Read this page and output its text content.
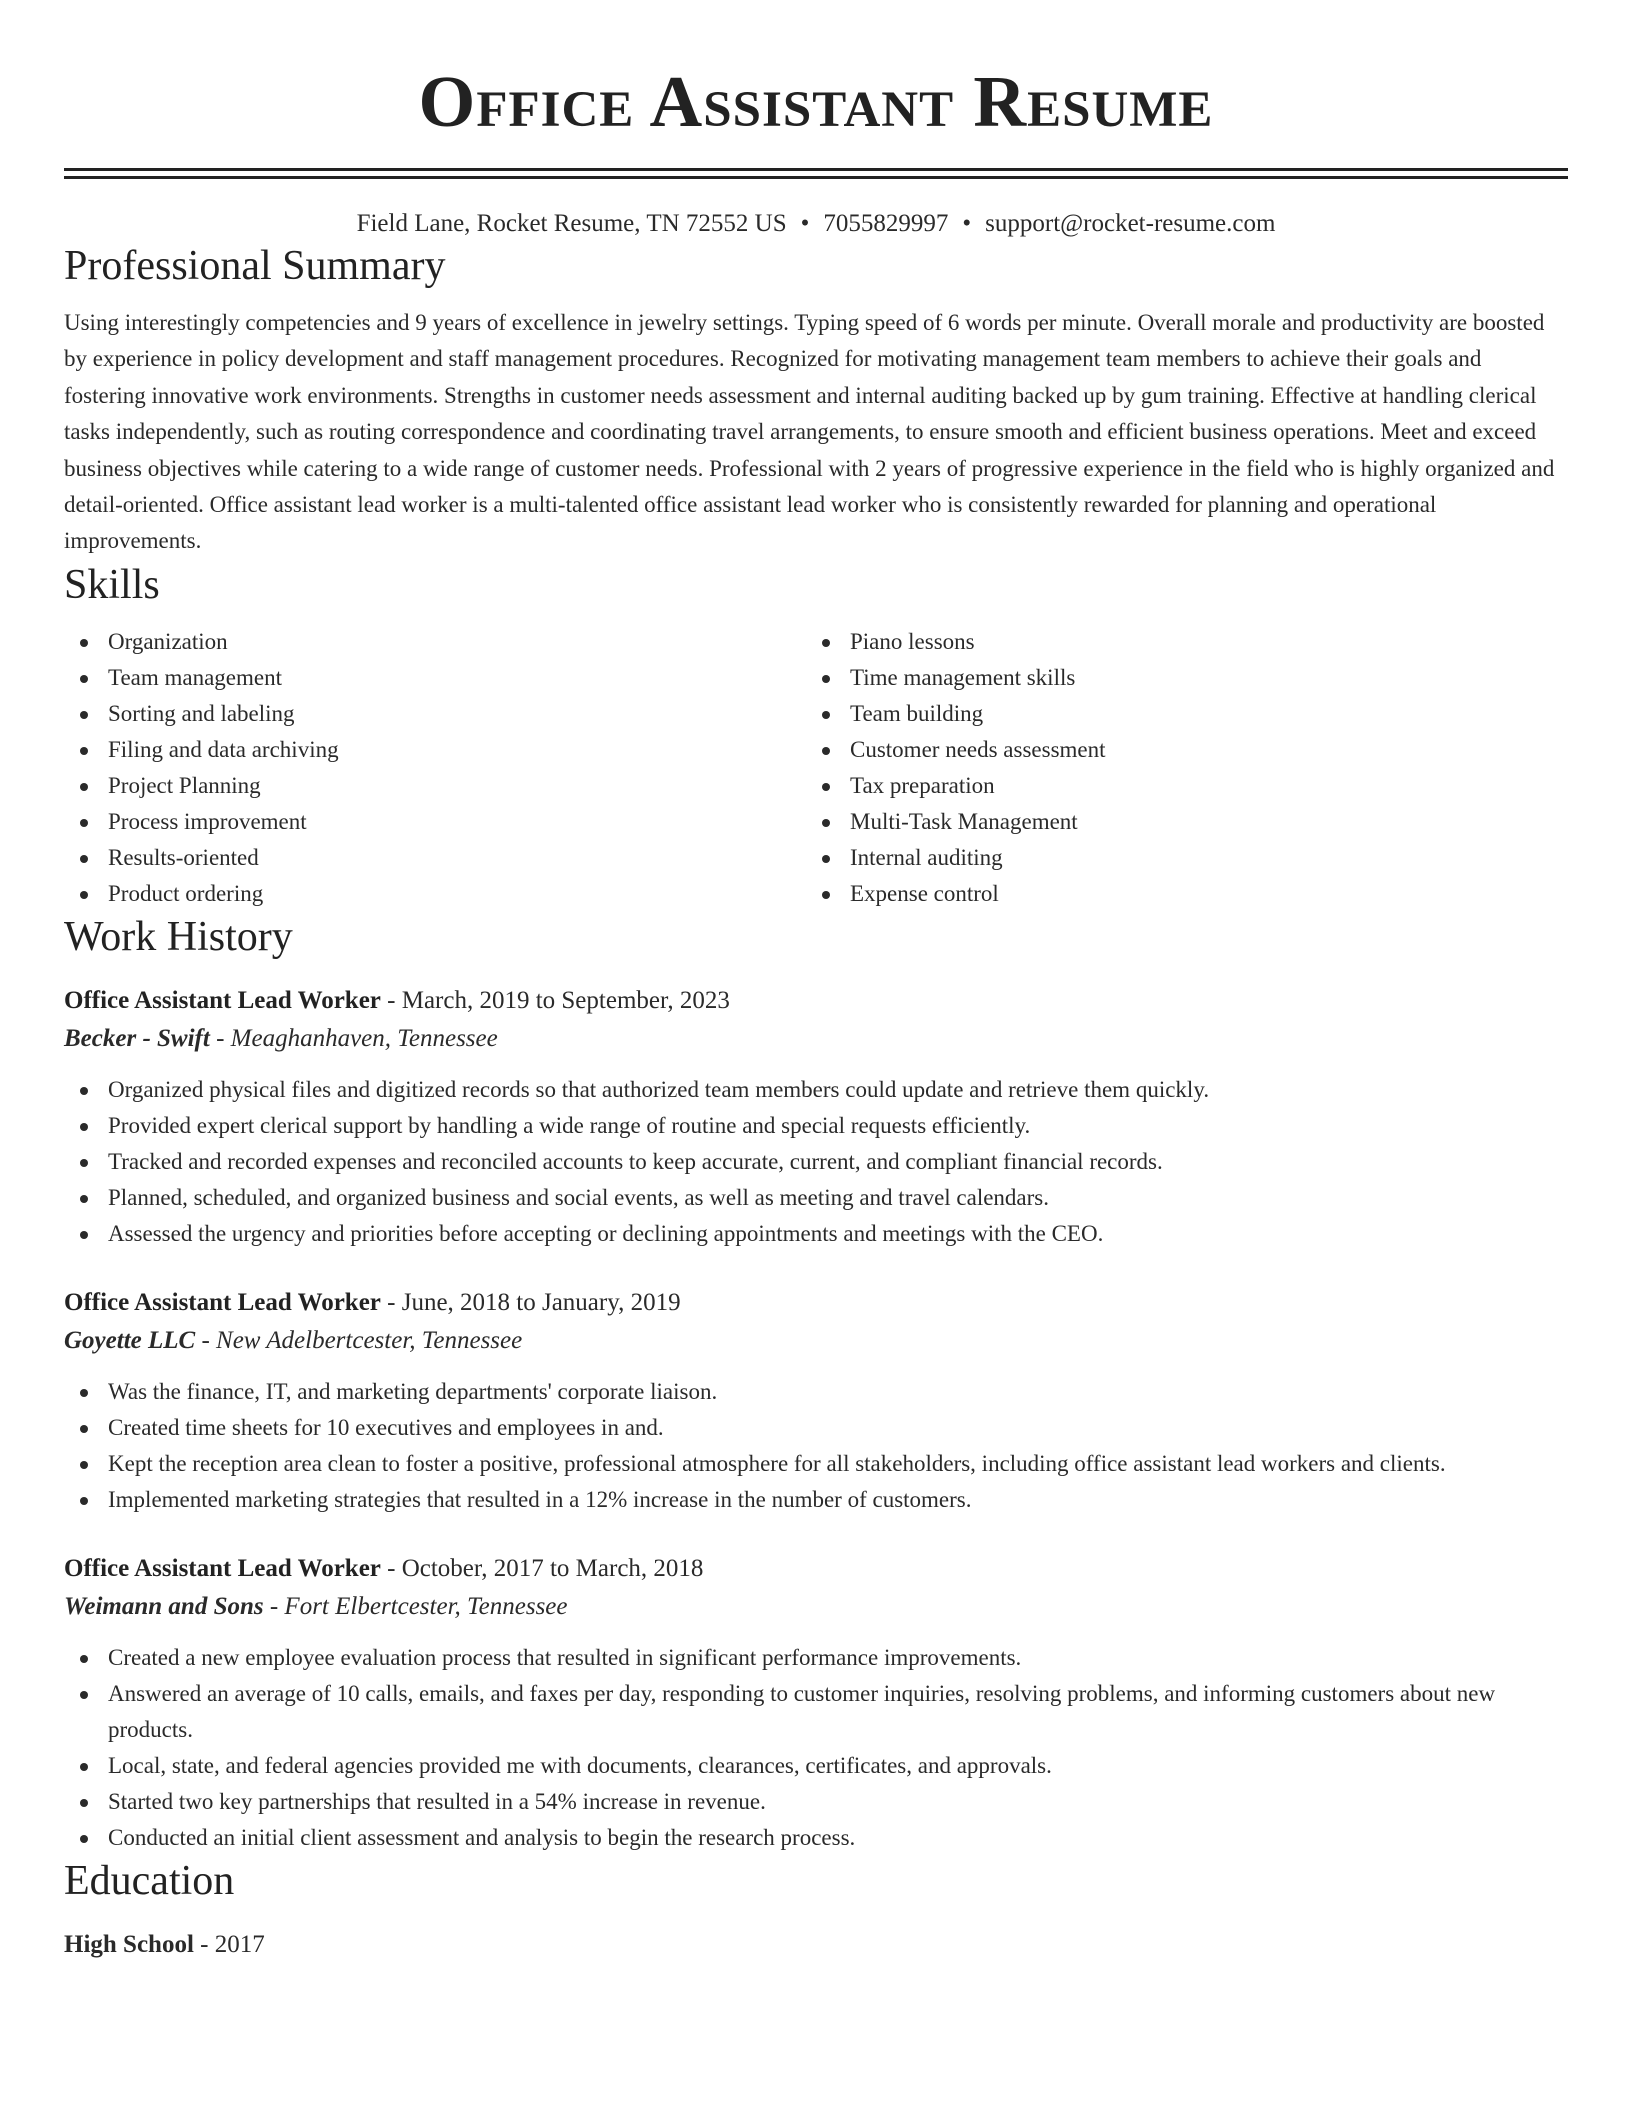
Office Assistant Resume
Field Lane, Rocket Resume, TN 72552 US • 7055829997 • support@rocket-resume.com
Professional Summary

Using interestingly competencies and 9 years of excellence in jewelry settings. Typing speed of 6 words per minute. Overall morale and productivity are boosted by experience in policy development and staff management procedures. Recognized for motivating management team members to achieve their goals and fostering innovative work environments. Strengths in customer needs assessment and internal auditing backed up by gum training. Effective at handling clerical tasks independently, such as routing correspondence and coordinating travel arrangements, to ensure smooth and efficient business operations. Meet and exceed business objectives while catering to a wide range of customer needs. Professional with 2 years of progressive experience in the field who is highly organized and detail-oriented. Office assistant lead worker is a multi-talented office assistant lead worker who is consistently rewarded for planning and operational improvements.

Skills
Organization
Team management
Sorting and labeling
Filing and data archiving
Project Planning
Process improvement
Results-oriented
Product ordering
Piano lessons
Time management skills
Team building
Customer needs assessment
Tax preparation
Multi-Task Management
Internal auditing
Expense control
Work History
Office Assistant Lead Worker - March, 2019 to September, 2023
Becker - Swift - Meaghanhaven, Tennessee
Organized physical files and digitized records so that authorized team members could update and retrieve them quickly.
Provided expert clerical support by handling a wide range of routine and special requests efficiently.
Tracked and recorded expenses and reconciled accounts to keep accurate, current, and compliant financial records.
Planned, scheduled, and organized business and social events, as well as meeting and travel calendars.
Assessed the urgency and priorities before accepting or declining appointments and meetings with the CEO.
Office Assistant Lead Worker - June, 2018 to January, 2019
Goyette LLC - New Adelbertcester, Tennessee
Was the finance, IT, and marketing departments' corporate liaison.
Created time sheets for 10 executives and employees in and.
Kept the reception area clean to foster a positive, professional atmosphere for all stakeholders, including office assistant lead workers and clients.
Implemented marketing strategies that resulted in a 12% increase in the number of customers.
Office Assistant Lead Worker - October, 2017 to March, 2018
Weimann and Sons - Fort Elbertcester, Tennessee
Created a new employee evaluation process that resulted in significant performance improvements.
Answered an average of 10 calls, emails, and faxes per day, responding to customer inquiries, resolving problems, and informing customers about new products.
Local, state, and federal agencies provided me with documents, clearances, certificates, and approvals.
Started two key partnerships that resulted in a 54% increase in revenue.
Conducted an initial client assessment and analysis to begin the research process.
Education
High School - 2017
